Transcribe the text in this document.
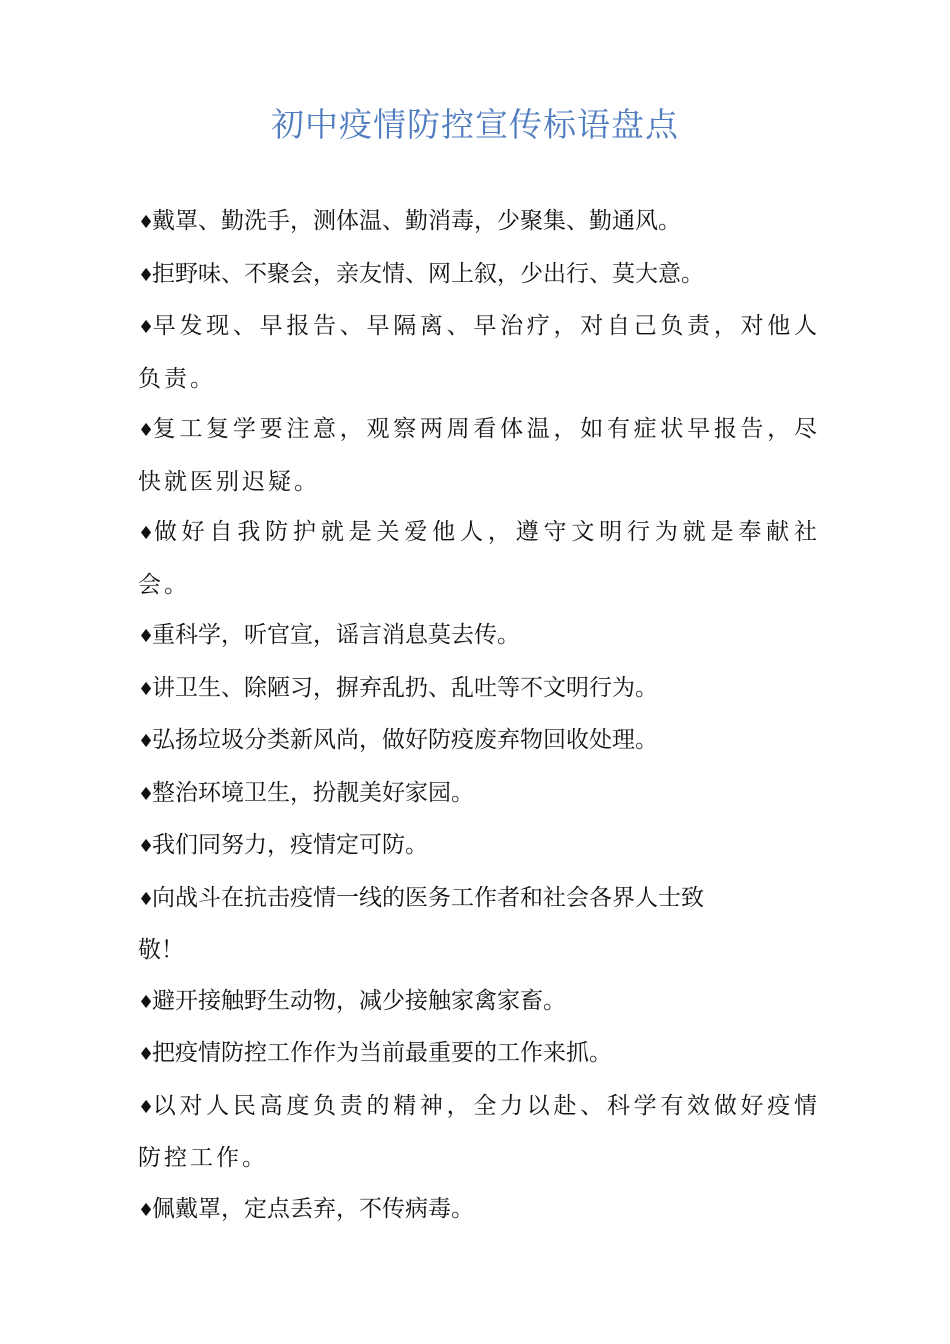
初中疫情防控宣传标语盘点
♦戴罩、勤洗手，测体温、勤消毒，少聚集、勤通风。
♦拒野味、不聚会，亲友情、网上叙，少出行、莫大意。
♦早发现、早报告、早隔离、早治疗，对自己负责，对他人负责。
♦复工复学要注意，观察两周看体温，如有症状早报告，尽快就医别迟疑。
♦做好自我防护就是关爱他人，遵守文明行为就是奉献社会。
♦重科学，听官宣，谣言消息莫去传。
♦讲卫生、除陋习，摒弃乱扔、乱吐等不文明行为。
♦弘扬垃圾分类新风尚，做好防疫废弃物回收处理。
♦整治环境卫生，扮靓美好家园。
♦我们同努力，疫情定可防。
♦向战斗在抗击疫情一线的医务工作者和社会各界人士致
敬！
♦避开接触野生动物，减少接触家禽家畜。
♦把疫情防控工作作为当前最重要的工作来抓。
♦以对人民高度负责的精神，全力以赴、科学有效做好疫情防控工作。
♦佩戴罩，定点丢弃，不传病毒。
